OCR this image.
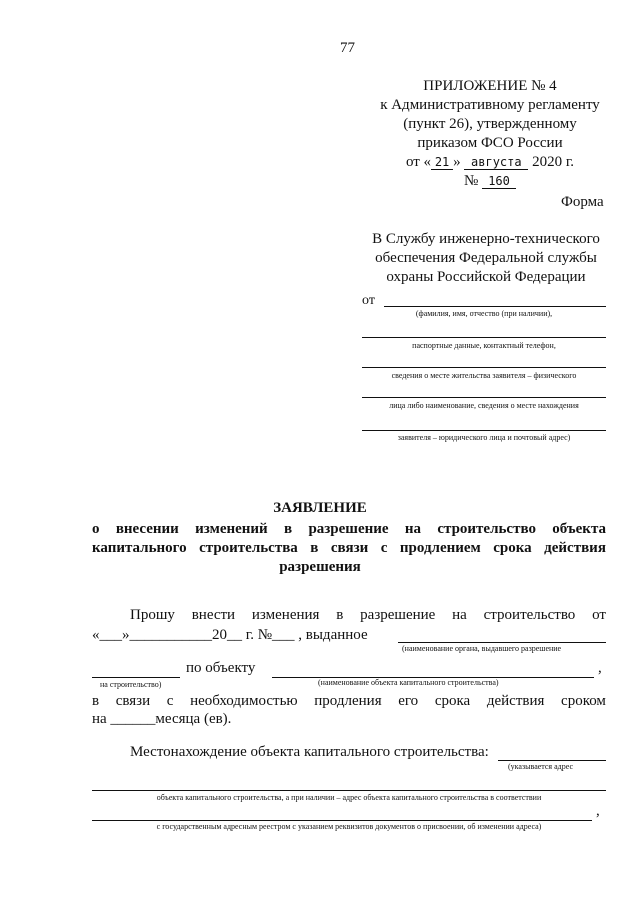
77
ПРИЛОЖЕНИЕ № 4
к Административному регламенту
(пункт 26), утвержденному
приказом ФСО России
от « 21 » августа 2020 г.
№ 160
Форма
В Службу инженерно-технического
обеспечения Федеральной службы
охраны Российской Федерации
от
(фамилия, имя, отчество (при наличии),
паспортные данные, контактный телефон,
сведения о месте жительства заявителя – физического
лица либо наименование, сведения о месте нахождения
заявителя – юридического лица и почтовый адрес)
ЗАЯВЛЕНИЕ
о внесении изменений в разрешение на строительство объекта
капитального строительства в связи с продлением срока действия
разрешения
Прошу внести изменения в разрешение на строительство от
«___»___________20__ г. №___ , выданное
(наименование органа, выдавшего разрешение
по объекту	,
на строительство)	(наименование объекта капитального строительства)
в связи с необходимостью продления его срока действия сроком
на ______месяца (ев).
Местонахождение объекта капитального строительства:
(указывается адрес
объекта капитального строительства, а при наличии – адрес объекта капитального строительства в соответствии
,
с государственным адресным реестром с указанием реквизитов документов о присвоении, об изменении адреса)
